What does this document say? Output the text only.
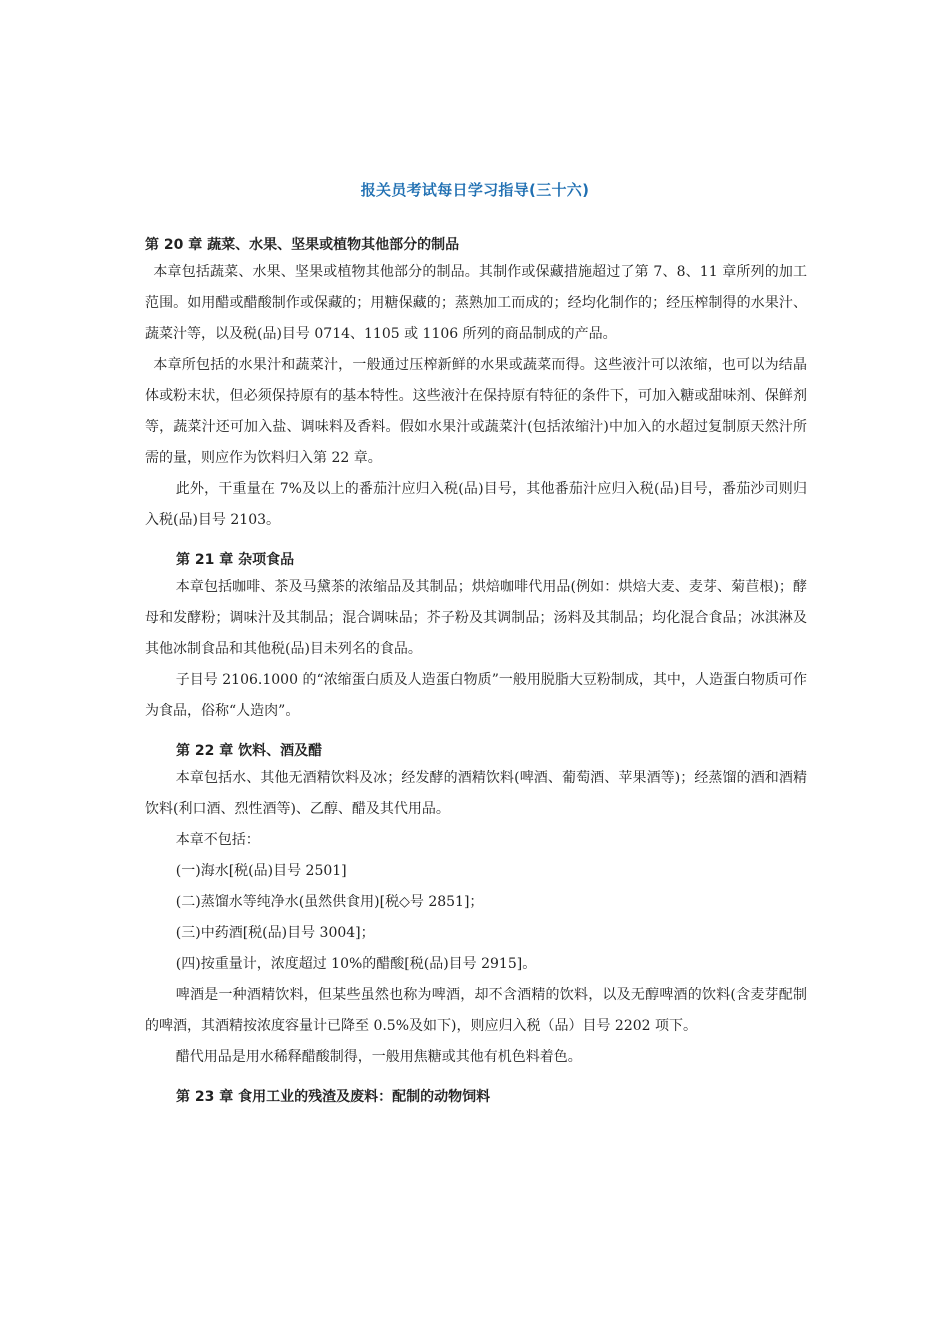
报关员考试每日学习指导(三十六)
第 20 章 蔬菜、水果、坚果或植物其他部分的制品

本章包括蔬菜、水果、坚果或植物其他部分的制品。其制作或保藏措施超过了第 7、8、11 章所列的加工范围。如用醋或醋酸制作或保藏的；用糖保藏的；蒸熟加工而成的；经均化制作的；经压榨制得的水果汁、蔬菜汁等，以及税(品)目号 0714、1105 或 1106 所列的商品制成的产品。

本章所包括的水果汁和蔬菜汁，一般通过压榨新鲜的水果或蔬菜而得。这些液汁可以浓缩，也可以为结晶体或粉末状，但必须保持原有的基本特性。这些液汁在保持原有特征的条件下，可加入糖或甜味剂、保鲜剂等，蔬菜汁还可加入盐、调味料及香料。假如水果汁或蔬菜汁(包括浓缩汁)中加入的水超过复制原天然汁所需的量，则应作为饮料归入第 22 章。

此外，干重量在 7%及以上的番茄汁应归入税(品)目号，其他番茄汁应归入税(品)目号，番茄沙司则归入税(品)目号 2103。

第 21 章 杂项食品

本章包括咖啡、茶及马黛茶的浓缩品及其制品；烘焙咖啡代用品(例如：烘焙大麦、麦芽、菊苣根)；酵母和发酵粉；调味汁及其制品；混合调味品；芥子粉及其调制品；汤料及其制品；均化混合食品；冰淇淋及其他冰制食品和其他税(品)目未列名的食品。

子目号 2106.1000 的“浓缩蛋白质及人造蛋白物质”一般用脱脂大豆粉制成，其中，人造蛋白物质可作为食品，俗称“人造肉”。

第 22 章 饮料、酒及醋

本章包括水、其他无酒精饮料及冰；经发酵的酒精饮料(啤酒、葡萄酒、苹果酒等)；经蒸馏的酒和酒精饮料(利口酒、烈性酒等)、乙醇、醋及其代用品。

本章不包括：

(一)海水[税(品)目号 2501]

(二)蒸馏水等纯净水(虽然供食用)[税◇号 2851]；

(三)中药酒[税(品)目号 3004]；

(四)按重量计，浓度超过 10%的醋酸[税(品)目号 2915]。

啤酒是一种酒精饮料，但某些虽然也称为啤酒，却不含酒精的饮料，以及无醇啤酒的饮料(含麦芽配制的啤酒，其酒精按浓度容量计已降至 0.5%及如下)，则应归入税（品）目号 2202 项下。

醋代用品是用水稀释醋酸制得，一般用焦糖或其他有机色料着色。

第 23 章 食用工业的残渣及废料：配制的动物饲料
